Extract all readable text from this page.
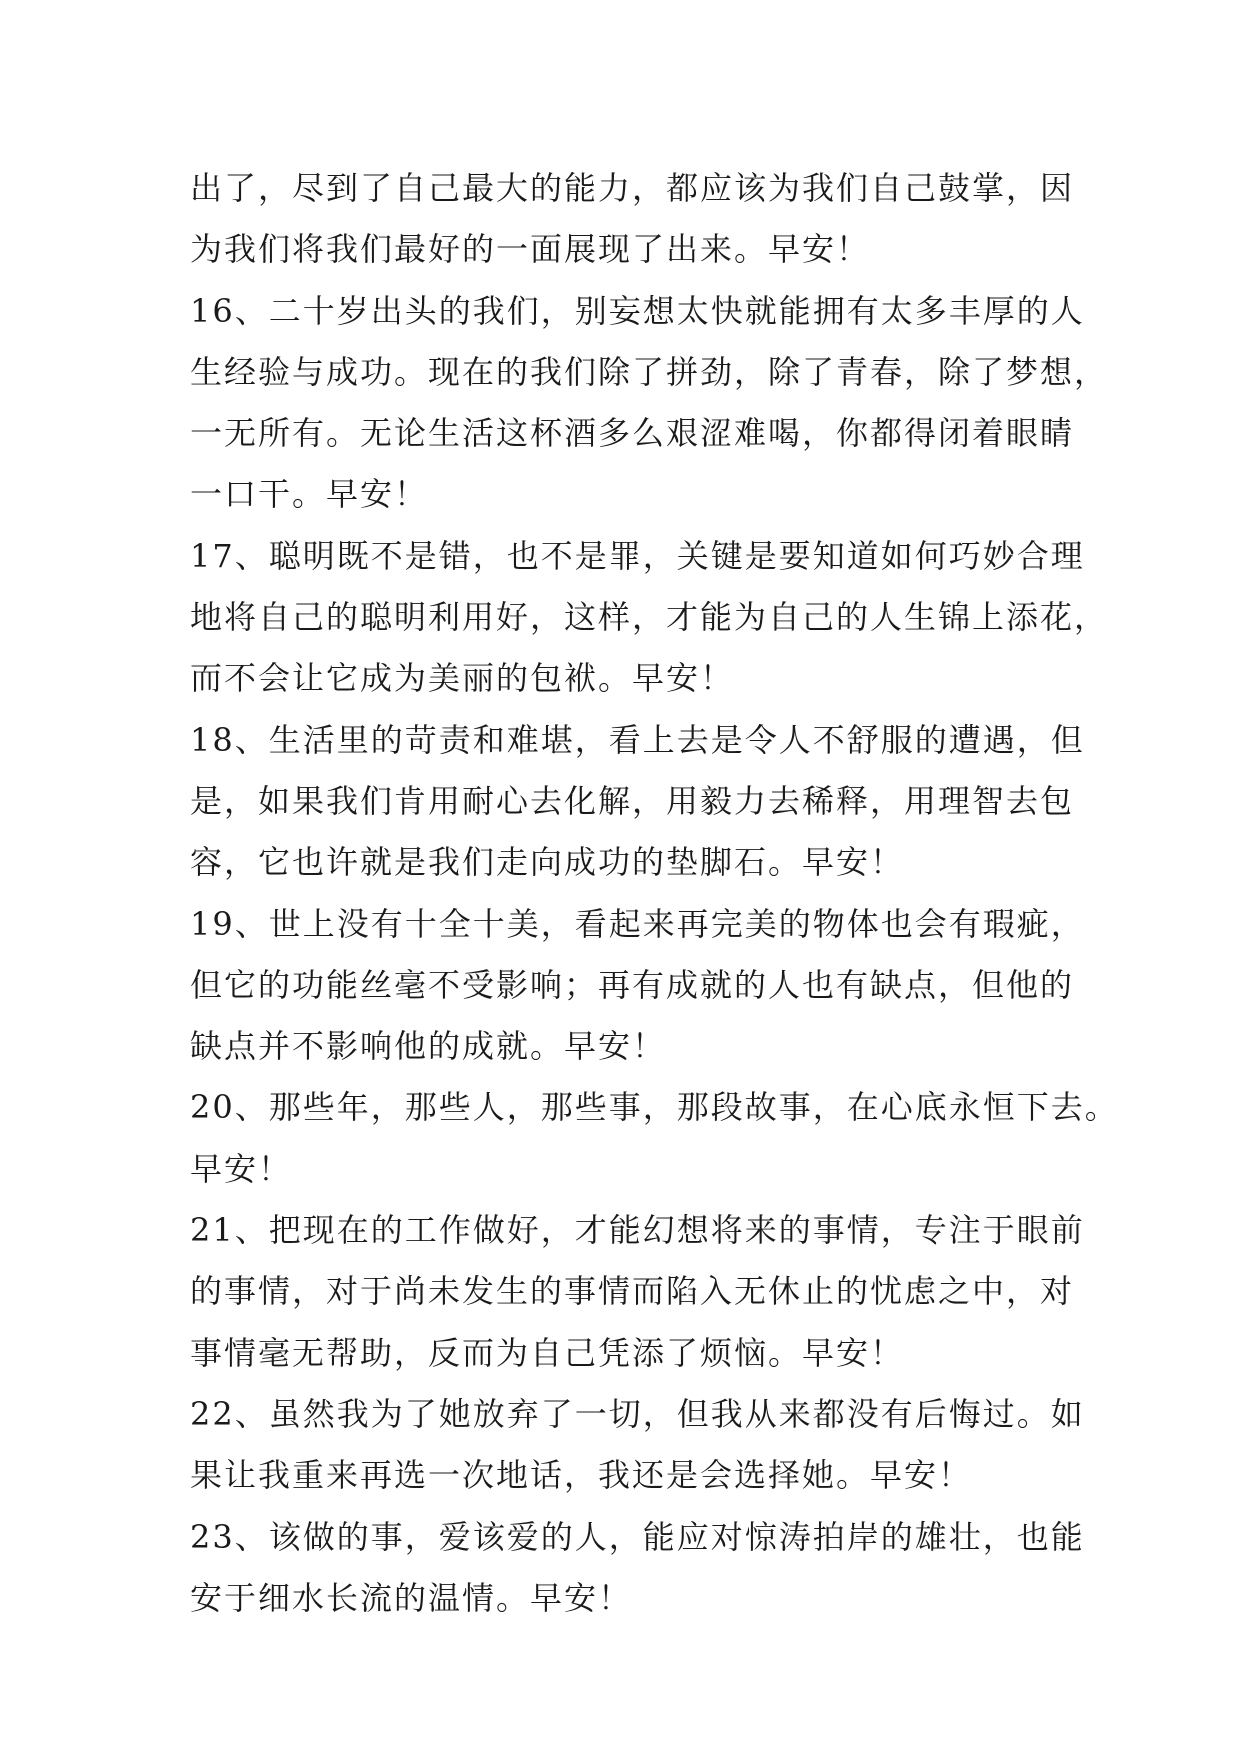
出了，尽到了自己最大的能力，都应该为我们自己鼓掌，因
为我们将我们最好的一面展现了出来。早安！
16、二十岁出头的我们，别妄想太快就能拥有太多丰厚的人
生经验与成功。现在的我们除了拼劲，除了青春，除了梦想，
一无所有。无论生活这杯酒多么艰涩难喝，你都得闭着眼睛
一口干。早安！
17、聪明既不是错，也不是罪，关键是要知道如何巧妙合理
地将自己的聪明利用好，这样，才能为自己的人生锦上添花，
而不会让它成为美丽的包袱。早安！
18、生活里的苛责和难堪，看上去是令人不舒服的遭遇，但
是，如果我们肯用耐心去化解，用毅力去稀释，用理智去包
容，它也许就是我们走向成功的垫脚石。早安！
19、世上没有十全十美，看起来再完美的物体也会有瑕疵，
但它的功能丝毫不受影响；再有成就的人也有缺点，但他的
缺点并不影响他的成就。早安！
20、那些年，那些人，那些事，那段故事，在心底永恒下去。
早安！
21、把现在的工作做好，才能幻想将来的事情，专注于眼前
的事情，对于尚未发生的事情而陷入无休止的忧虑之中，对
事情毫无帮助，反而为自己凭添了烦恼。早安！
22、虽然我为了她放弃了一切，但我从来都没有后悔过。如
果让我重来再选一次地话，我还是会选择她。早安！
23、该做的事，爱该爱的人，能应对惊涛拍岸的雄壮，也能
安于细水长流的温情。早安！
